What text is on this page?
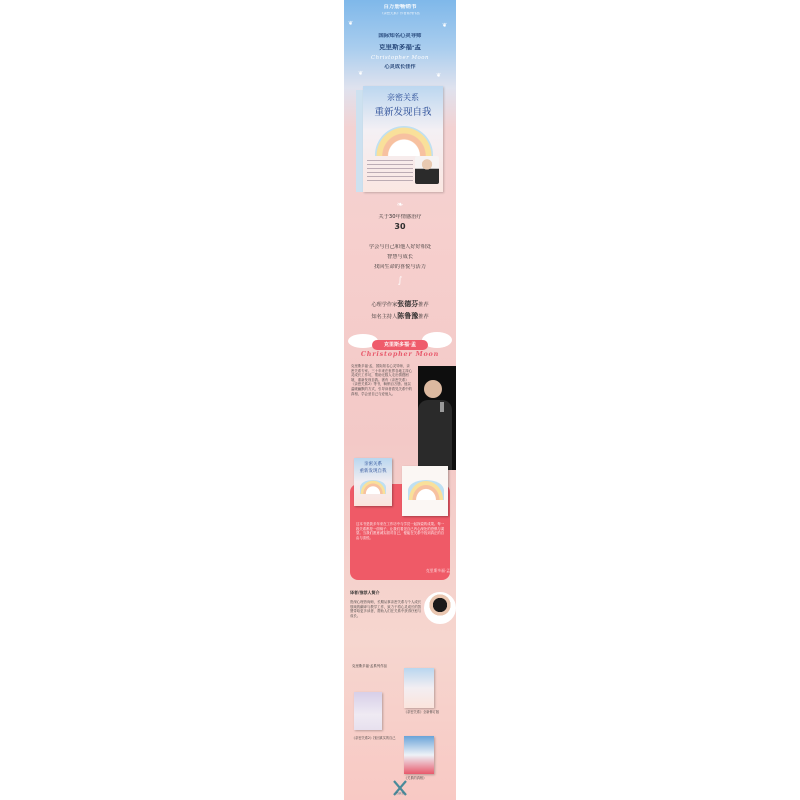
❦	❦
❦	❦
百万册畅销书
《亲密关系》作者系列作品
国际知名心灵导师
克里斯多福·孟
Christopher Moon
心灵成长佳作
亲密关系
重新发现自我
❧
关于30年情感治疗
30
学会与自己和他人好好相处
智慧与成长
找回生命的喜悦与活力
∫
心理学作家张德芬推荐
知名主持人陈鲁豫推荐
克里斯多福·孟
Christopher Moon
克里斯多福·孟，国际知名心灵导师，亲密关系专家。三十年来在世界各地主持心灵成长工作坊，帮助无数人走出情感困境，重新发现自我。著有《亲密关系》《亲密关系2》等书，畅销百万册。他以温暖幽默的方式，引导读者看见关系中的真相，学会爱自己与爱他人。
亲密关系
重新发现自我
这本书是我多年来在工作坊中与学员一起探索的成果。每一段关系都是一面镜子，让我们看见自己内心深处的恐惧与渴望。当我们愿意诚实面对自己，便能在关系中找到真正的自由与喜悦。
克里斯多福·孟
译者/推荐人简介
资深心理咨询师，长期从事亲密关系与个人成长领域的翻译与教学工作，致力于将心灵成长的智慧带给更多读者，帮助人们在关系中获得疗愈与成长。
克里斯多福·孟系列作品
《亲密关系》全新修订版
《亲密关系2》找回真实的自己
《关系的真相》
出版社
